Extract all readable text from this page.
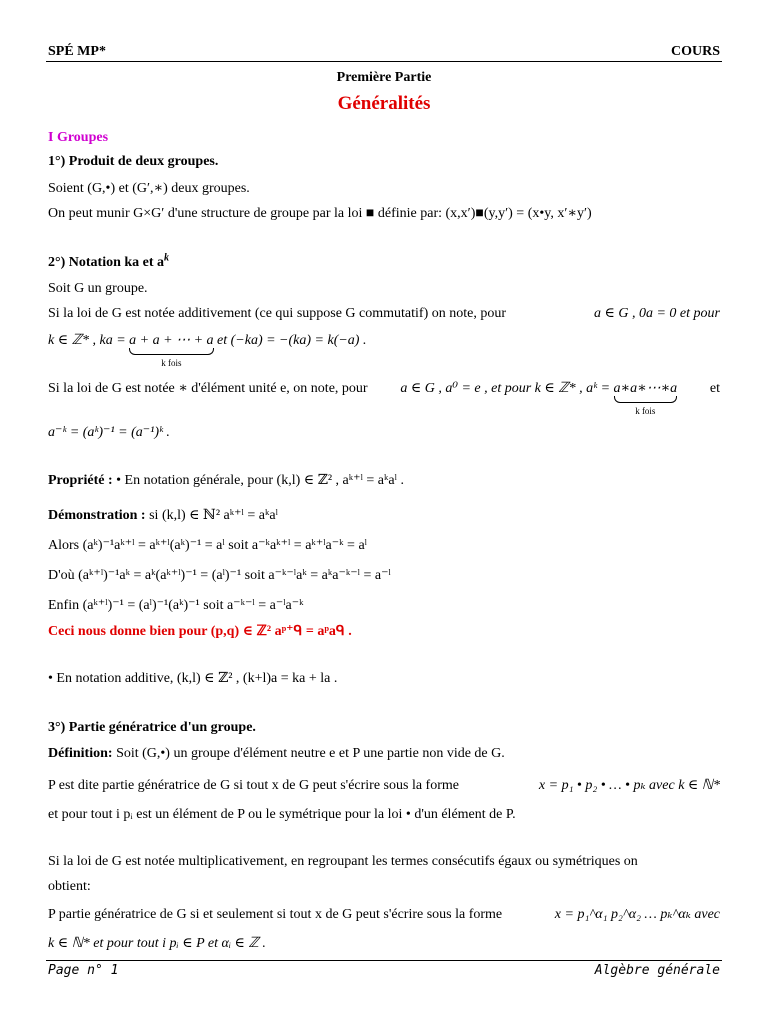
SPÉ MP*	COURS
Première Partie
Généralités
I Groupes
1°) Produit de deux groupes.
Soient (G,•) et (G′,∗) deux groupes.
On peut munir G×G′ d'une structure de groupe par la loi ■ définie par: (x,x′)■(y,y′) = (x•y, x′∗y′)
2°) Notation ka et $a^k$
Soit G un groupe.
Si la loi de G est notée additivement (ce qui suppose G commutatif) on note, pour	a ∈ G , 0a = 0 et pour
k ∈ ℤ* , ka = a + a + ⋯ + a
k fois
et (−ka) = −(ka) = k(−a) .
Si la loi de G est notée ∗ d'élément unité e, on note, pour a ∈ G , a⁰ = e , et pour k ∈ ℤ* , aᵏ = a∗a∗⋯∗a
k fois
et
a⁻ᵏ = (aᵏ)⁻¹ = (a⁻¹)ᵏ .
Propriété : • En notation générale, pour (k,l) ∈ ℤ² , aᵏ⁺ˡ = aᵏaˡ .
Démonstration : si (k,l) ∈ ℕ² aᵏ⁺ˡ = aᵏaˡ
Alors (aᵏ)⁻¹aᵏ⁺ˡ = aᵏ⁺ˡ(aᵏ)⁻¹ = aˡ soit a⁻ᵏaᵏ⁺ˡ = aᵏ⁺ˡa⁻ᵏ = aˡ
D'où (aᵏ⁺ˡ)⁻¹aᵏ = aᵏ(aᵏ⁺ˡ)⁻¹ = (aˡ)⁻¹ soit a⁻ᵏ⁻ˡaᵏ = aᵏa⁻ᵏ⁻ˡ = a⁻ˡ
Enfin (aᵏ⁺ˡ)⁻¹ = (aˡ)⁻¹(aᵏ)⁻¹ soit a⁻ᵏ⁻ˡ = a⁻ˡa⁻ᵏ
Ceci nous donne bien pour (p,q) ∈ ℤ² aᵖ⁺ᑫ = aᵖaᑫ .
• En notation additive, (k,l) ∈ ℤ² , (k+l)a = ka + la .
3°) Partie génératrice d'un groupe.
Définition: Soit (G,•) un groupe d'élément neutre e et P une partie non vide de G.
P est dite partie génératrice de G si tout x de G peut s'écrire sous la forme	x = p₁ • p₂ • … • pₖ avec k ∈ ℕ*
et pour tout i pᵢ est un élément de P ou le symétrique pour la loi • d'un élément de P.
Si la loi de G est notée multiplicativement, en regroupant les termes consécutifs égaux ou symétriques on
obtient:
P partie génératrice de G si et seulement si tout x de G peut s'écrire sous la forme	x = p₁^α₁ p₂^α₂ … pₖ^αₖ avec
k ∈ ℕ* et pour tout i pᵢ ∈ P et αᵢ ∈ ℤ .
Page n° 1	Algèbre générale
